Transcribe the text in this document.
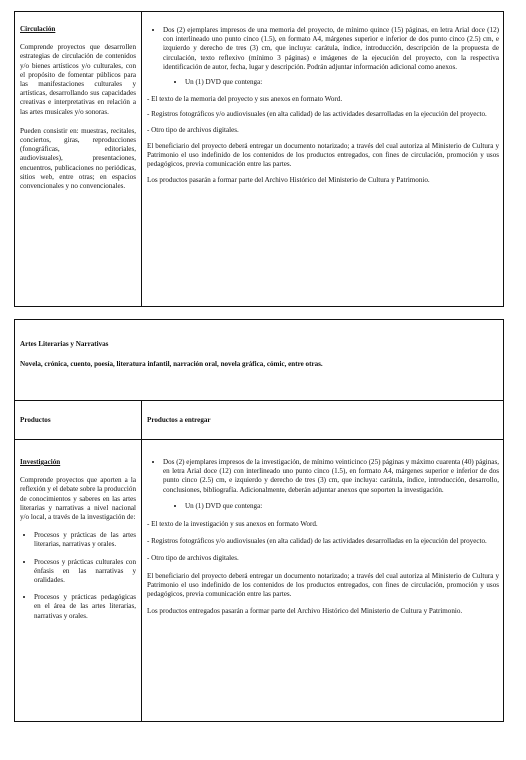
Circulación

Comprende proyectos que desarrollen estrategias de circulación de contenidos y/o bienes artísticos y/o culturales, con el propósito de fomentar públicos para las manifestaciones culturales y artísticas, desarrollando sus capacidades creativas e interpretativas en relación a las artes musicales y/o sonoras.

Pueden consistir en: muestras, recitales, conciertos, giras, reproducciones (fonográficas, editoriales, audiovisuales), presentaciones, encuentros, publicaciones no periódicas, sitios web, entre otras; en espacios convencionales y no convencionales.

• Dos (2) ejemplares impresos de una memoria del proyecto, de mínimo quince (15) páginas, en letra Arial doce (12) con interlineado uno punto cinco (1.5), en formato A4, márgenes superior e inferior de dos punto cinco (2.5) cm, e izquierdo y derecho de tres (3) cm, que incluya: carátula, índice, introducción, descripción de la propuesta de circulación, texto reflexivo (mínimo 3 páginas) e imágenes de la ejecución del proyecto, con la respectiva identificación de autor, fecha, lugar y descripción. Podrán adjuntar información adicional como anexos.
• Un (1) DVD que contenga:

- El texto de la memoria del proyecto y sus anexos en formato Word.

- Registros fotográficos y/o audiovisuales (en alta calidad) de las actividades desarrolladas en la ejecución del proyecto.

- Otro tipo de archivos digitales.

El beneficiario del proyecto deberá entregar un documento notarizado; a través del cual autoriza al Ministerio de Cultura y Patrimonio el uso indefinido de los contenidos de los productos entregados, con fines de circulación, promoción y usos pedagógicos, previa comunicación entre las partes.

Los productos pasarán a formar parte del Archivo Histórico del Ministerio de Cultura y Patrimonio.

Artes Literarias y Narrativas

Novela, crónica, cuento, poesía, literatura infantil, narración oral, novela gráfica, cómic, entre otras.

Productos	Productos a entregar

Investigación

Comprende proyectos que aporten a la reflexión y el debate sobre la producción de conocimientos y saberes en las artes literarias y narrativas a nivel nacional y/o local, a través de la investigación de:

• Procesos y prácticas de las artes literarias, narrativas y orales.
• Procesos y prácticas culturales con énfasis en las narrativas y oralidades.
• Procesos y prácticas pedagógicas en el área de las artes literarias, narrativas y orales.
• Dos (2) ejemplares impresos de la investigación, de mínimo veinticinco (25) páginas y máximo cuarenta (40) páginas, en letra Arial doce (12) con interlineado uno punto cinco (1.5), en formato A4, márgenes superior e inferior de dos punto cinco (2.5) cm, e izquierdo y derecho de tres (3) cm, que incluya: carátula, índice, introducción, desarrollo, conclusiones, bibliografía. Adicionalmente, deberán adjuntar anexos que soporten la investigación.
• Un (1) DVD que contenga:

- El texto de la investigación y sus anexos en formato Word.

- Registros fotográficos y/o audiovisuales (en alta calidad) de las actividades desarrolladas en la ejecución del proyecto.

- Otro tipo de archivos digitales.

El beneficiario del proyecto deberá entregar un documento notarizado; a través del cual autoriza al Ministerio de Cultura y Patrimonio el uso indefinido de los contenidos de los productos entregados, con fines de circulación, promoción y usos pedagógicos, previa comunicación entre las partes.

Los productos entregados pasarán a formar parte del Archivo Histórico del Ministerio de Cultura y Patrimonio.
